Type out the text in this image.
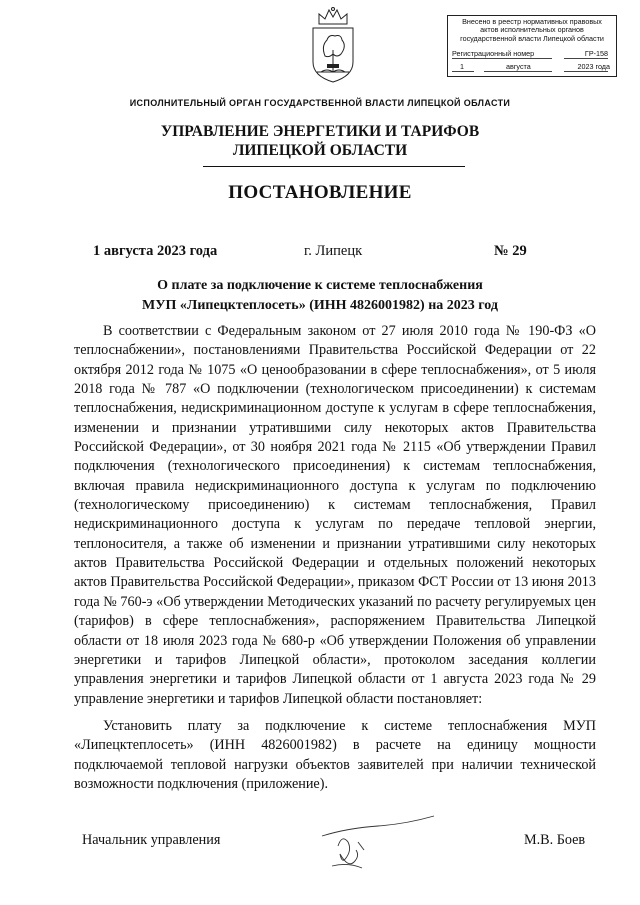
Внесено в реестр нормативных правовых
актов исполнительных органов
государственной власти Липецкой области
Регистрационный номер	ГР-158
1	августа	2023 года
ИСПОЛНИТЕЛЬНЫЙ ОРГАН ГОСУДАРСТВЕННОЙ ВЛАСТИ ЛИПЕЦКОЙ ОБЛАСТИ
УПРАВЛЕНИЕ ЭНЕРГЕТИКИ И ТАРИФОВ
ЛИПЕЦКОЙ ОБЛАСТИ
ПОСТАНОВЛЕНИЕ
1 августа 2023 года	г. Липецк	№ 29
О плате за подключение к системе теплоснабжения
МУП «Липецктеплосеть» (ИНН 4826001982) на 2023 год

В соответствии с Федеральным законом от 27 июля 2010 года № 190-ФЗ «О теплоснабжении», постановлениями Правительства Российской Федерации от 22 октября 2012 года № 1075 «О ценообразовании в сфере теплоснабжения», от 5 июля 2018 года № 787 «О подключении (технологическом присоединении) к системам теплоснабжения, недискриминационном доступе к услугам в сфере теплоснабжения, изменении и признании утратившими силу некоторых актов Правительства Российской Федерации», от 30 ноября 2021 года № 2115 «Об утверждении Правил подключения (технологического присоединения) к системам теплоснабжения, включая правила недискриминационного доступа к услугам по подключению (технологическому присоединению) к системам теплоснабжения, Правил недискриминационного доступа к услугам по передаче тепловой энергии, теплоносителя, а также об изменении и признании утратившими силу некоторых актов Правительства Российской Федерации и отдельных положений некоторых актов Правительства Российской Федерации», приказом ФСТ России от 13 июня 2013 года № 760-э «Об утверждении Методических указаний по расчету регулируемых цен (тарифов) в сфере теплоснабжения», распоряжением Правительства Липецкой области от 18 июля 2023 года № 680-р «Об утверждении Положения об управлении энергетики и тарифов Липецкой области», протоколом заседания коллегии управления энергетики и тарифов Липецкой области от 1 августа 2023 года № 29 управление энергетики и тарифов Липецкой области постановляет:

Установить плату за подключение к системе теплоснабжения МУП «Липецктеплосеть» (ИНН 4826001982) в расчете на единицу мощности подключаемой тепловой нагрузки объектов заявителей при наличии технической возможности подключения (приложение).

Начальник управления	М.В. Боев
